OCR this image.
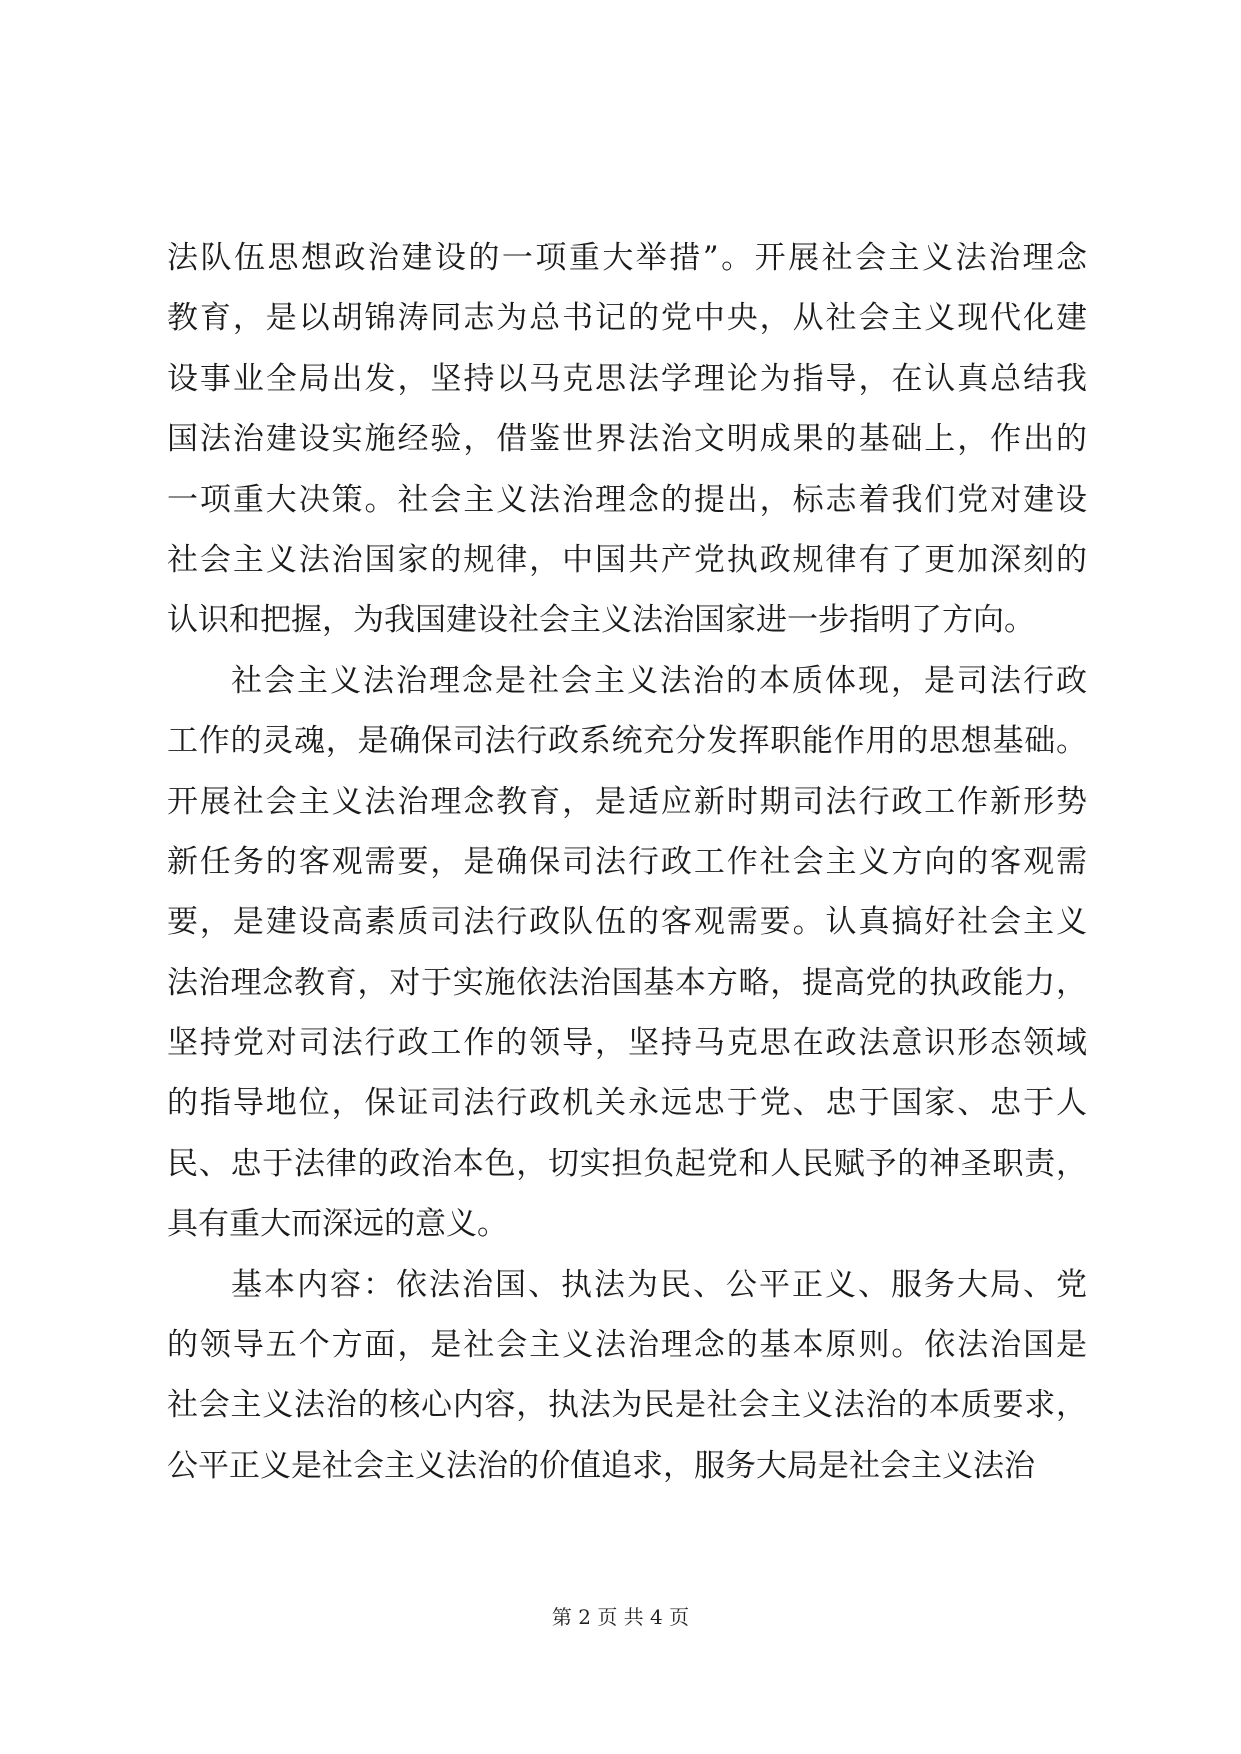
法队伍思想政治建设的一项重大举措”。开展社会主义法治理念
教育，是以胡锦涛同志为总书记的党中央，从社会主义现代化建
设事业全局出发，坚持以马克思法学理论为指导，在认真总结我
国法治建设实施经验，借鉴世界法治文明成果的基础上，作出的
一项重大决策。社会主义法治理念的提出，标志着我们党对建设
社会主义法治国家的规律，中国共产党执政规律有了更加深刻的
认识和把握，为我国建设社会主义法治国家进一步指明了方向。
社会主义法治理念是社会主义法治的本质体现，是司法行政
工作的灵魂，是确保司法行政系统充分发挥职能作用的思想基础。
开展社会主义法治理念教育，是适应新时期司法行政工作新形势
新任务的客观需要，是确保司法行政工作社会主义方向的客观需
要，是建设高素质司法行政队伍的客观需要。认真搞好社会主义
法治理念教育，对于实施依法治国基本方略，提高党的执政能力，
坚持党对司法行政工作的领导，坚持马克思在政法意识形态领域
的指导地位，保证司法行政机关永远忠于党、忠于国家、忠于人
民、忠于法律的政治本色，切实担负起党和人民赋予的神圣职责，
具有重大而深远的意义。
基本内容：依法治国、执法为民、公平正义、服务大局、党
的领导五个方面，是社会主义法治理念的基本原则。依法治国是
社会主义法治的核心内容，执法为民是社会主义法治的本质要求，
公平正义是社会主义法治的价值追求，服务大局是社会主义法治
第 2 页 共 4 页
